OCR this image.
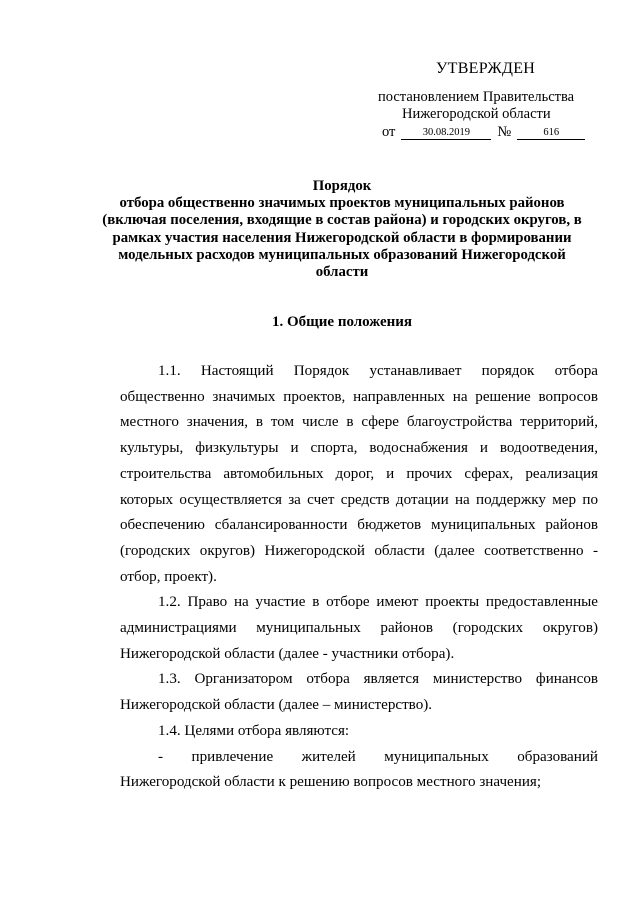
УТВЕРЖДЕН
постановлением Правительства
Нижегородской области
от	30.08.2019 №	616
Порядок
отбора общественно значимых проектов муниципальных районов
(включая поселения, входящие в состав района) и городских округов, в
рамках участия населения Нижегородской области в формировании
модельных расходов муниципальных образований Нижегородской
области
1. Общие положения

1.1. Настоящий Порядок устанавливает порядок отбора общественно значимых проектов, направленных на решение вопросов местного значения, в том числе в сфере благоустройства территорий, культуры, физкультуры и спорта, водоснабжения и водоотведения, строительства автомобильных дорог, и прочих сферах, реализация которых осуществляется за счет средств дотации на поддержку мер по обеспечению сбалансированности бюджетов муниципальных районов (городских округов) Нижегородской области (далее соответственно - отбор, проект).

1.2. Право на участие в отборе имеют проекты предоставленные администрациями муниципальных районов (городских округов) Нижегородской области (далее - участники отбора).

1.3. Организатором отбора является министерство финансов Нижегородской области (далее – министерство).

1.4. Целями отбора являются:

- привлечение жителей муниципальных образований Нижегородской области к решению вопросов местного значения;
